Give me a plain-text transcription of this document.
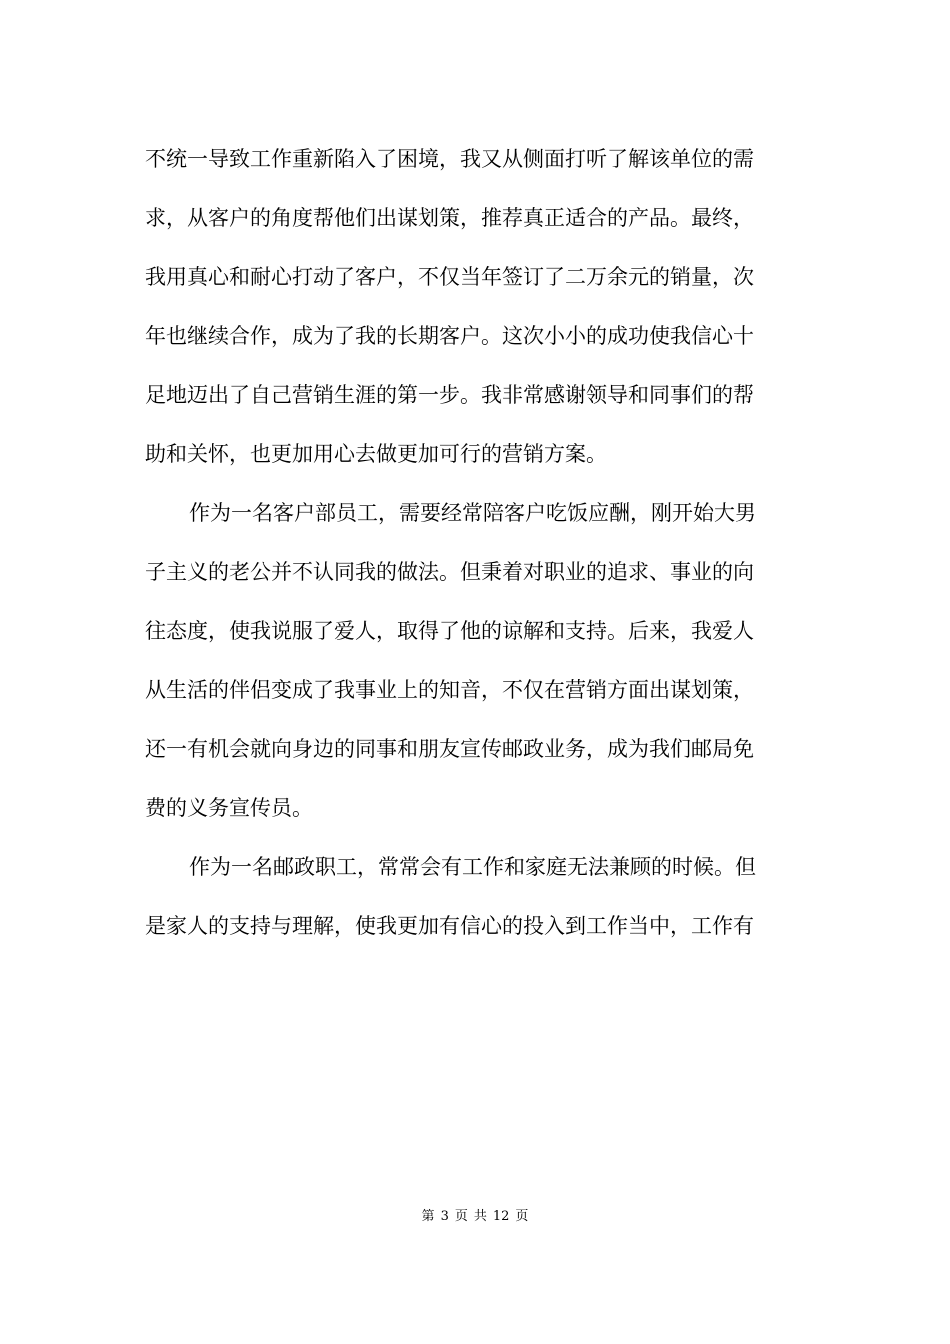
不统一导致工作重新陷入了困境，我又从侧面打听了解该单位的需
求，从客户的角度帮他们出谋划策，推荐真正适合的产品。最终，
我用真心和耐心打动了客户，不仅当年签订了二万余元的销量，次
年也继续合作，成为了我的长期客户。这次小小的成功使我信心十
足地迈出了自己营销生涯的第一步。我非常感谢领导和同事们的帮
助和关怀，也更加用心去做更加可行的营销方案。
作为一名客户部员工，需要经常陪客户吃饭应酬，刚开始大男
子主义的老公并不认同我的做法。但秉着对职业的追求、事业的向
往态度，使我说服了爱人，取得了他的谅解和支持。后来，我爱人
从生活的伴侣变成了我事业上的知音，不仅在营销方面出谋划策，
还一有机会就向身边的同事和朋友宣传邮政业务，成为我们邮局免
费的义务宣传员。
作为一名邮政职工，常常会有工作和家庭无法兼顾的时候。但
是家人的支持与理解，使我更加有信心的投入到工作当中，工作有
第 3 页 共 12 页
